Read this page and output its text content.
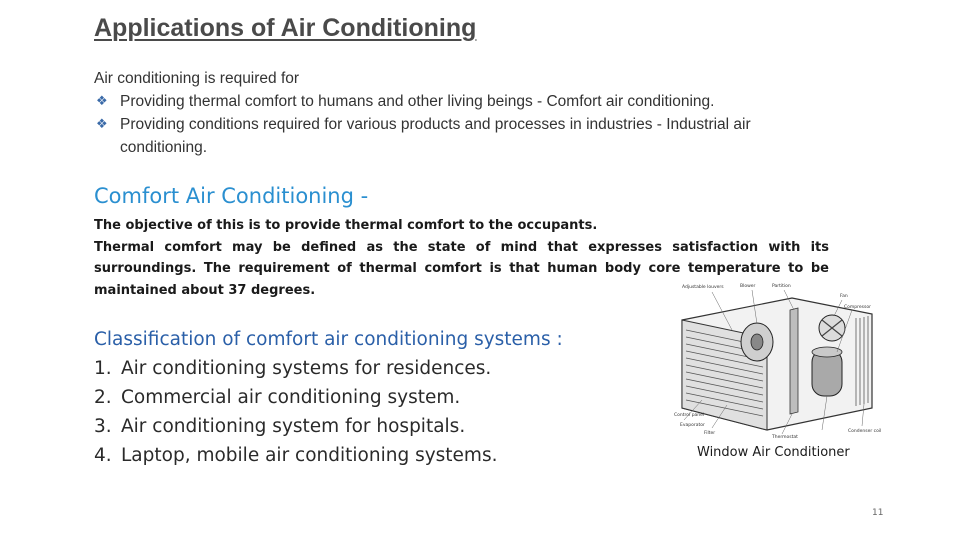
Applications of Air Conditioning
Air conditioning is required for
❖ Providing thermal comfort to humans and other living beings - Comfort air conditioning.
❖ Providing conditions required for various products and processes in industries - Industrial air conditioning.
Comfort Air Conditioning -
The objective of this is to provide thermal comfort to the occupants.
Thermal comfort may be defined as the state of mind that expresses satisfaction with its surroundings. The requirement of thermal comfort is that human body core temperature to be maintained about 37 degrees.
Classification of comfort air conditioning systems :
1. Air conditioning systems for residences.
2. Commercial air conditioning system.
3. Air conditioning system for hospitals.
4. Laptop, mobile air conditioning systems.
Adjustable louvers	Blower	Partition
Fan
Compressor
Control panel
Evaporator
Filter
Thermostat
Condenser coil
Window Air Conditioner
11
